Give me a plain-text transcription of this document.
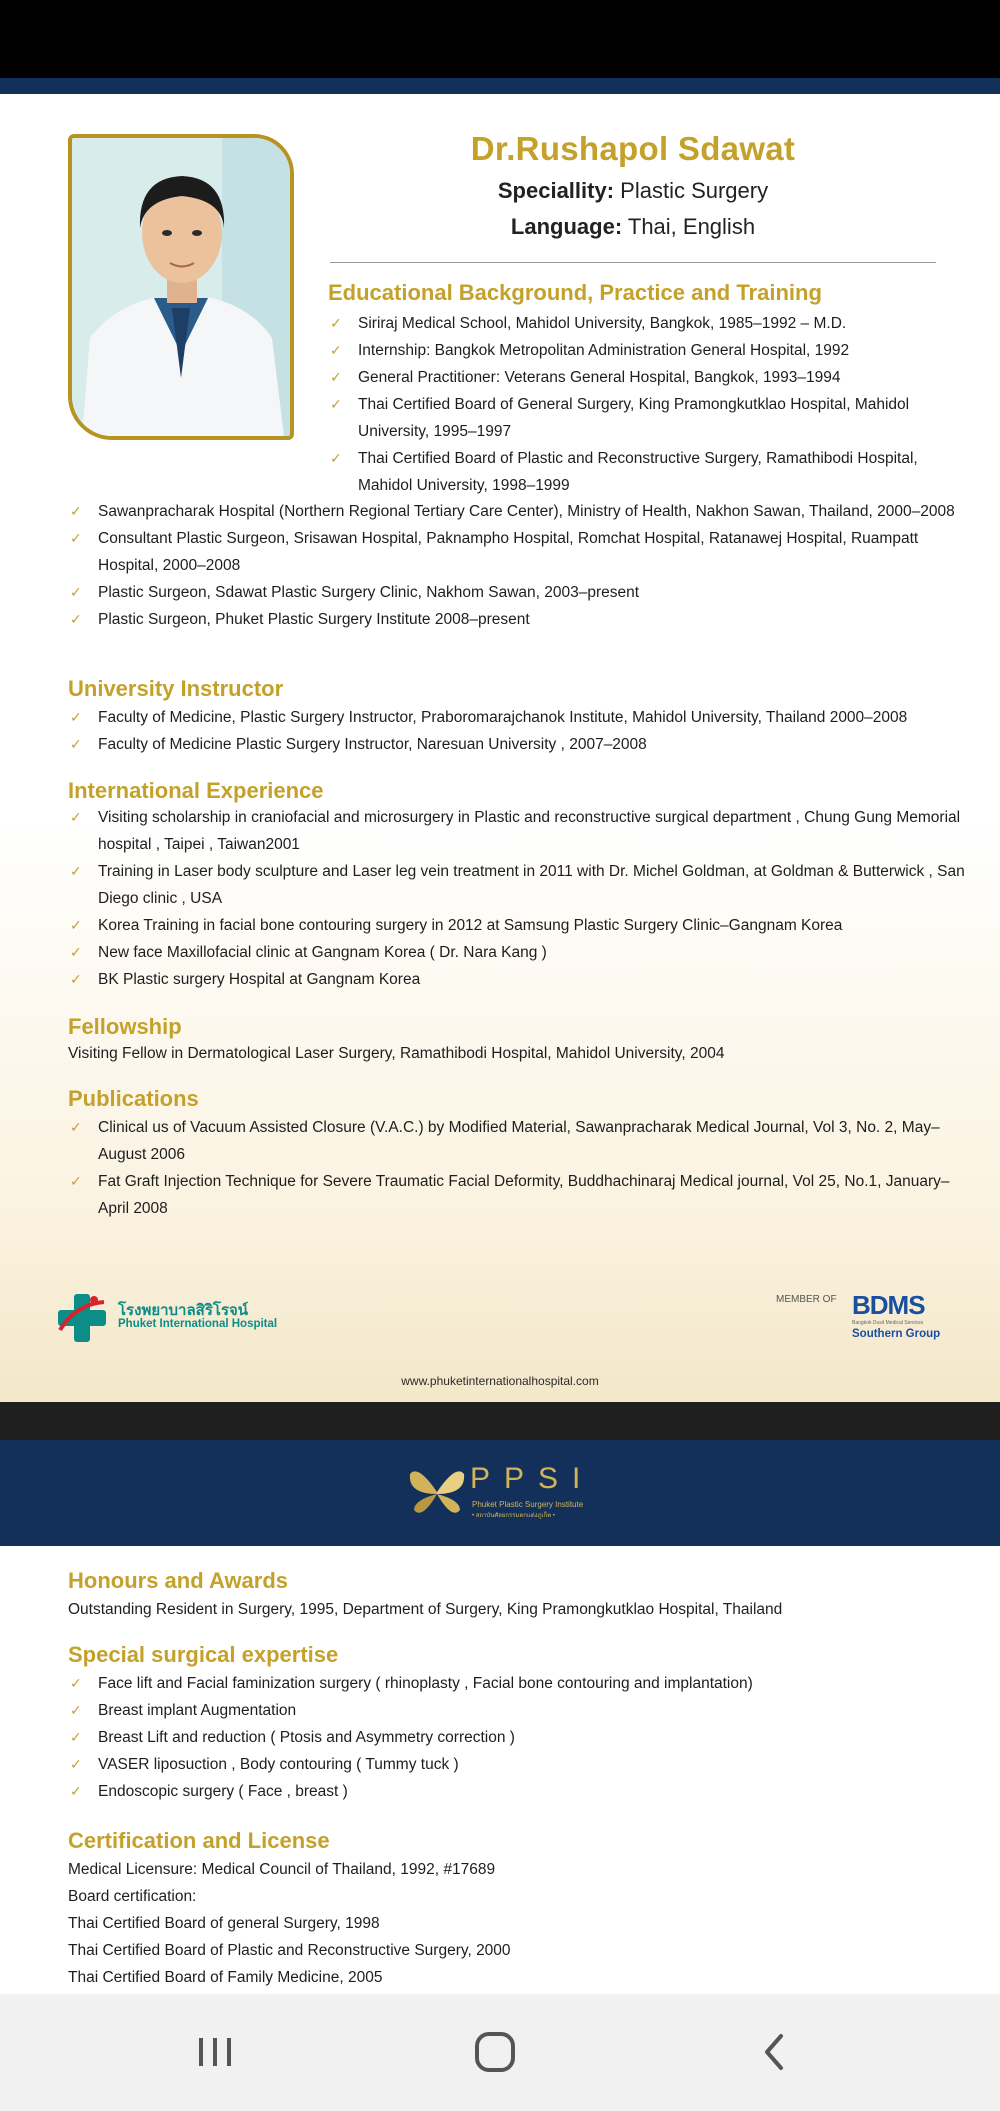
Dr.Rushapol Sdawat
Speciallity: Plastic Surgery
Language: Thai, English
Educational Background, Practice and Training
✓ Siriraj Medical School, Mahidol University, Bangkok, 1985–1992 – M.D.
✓ Internship: Bangkok Metropolitan Administration General Hospital, 1992
✓ General Practitioner: Veterans General Hospital, Bangkok, 1993–1994
✓ Thai Certified Board of General Surgery, King Pramongkutklao Hospital, Mahidol University, 1995–1997
✓ Thai Certified Board of Plastic and Reconstructive Surgery, Ramathibodi Hospital, Mahidol University, 1998–1999
✓ Sawanpracharak Hospital (Northern Regional Tertiary Care Center), Ministry of Health, Nakhon Sawan, Thailand, 2000–2008
✓ Consultant Plastic Surgeon, Srisawan Hospital, Paknampho Hospital, Romchat Hospital, Ratanawej Hospital, Ruampatt Hospital, 2000–2008
✓ Plastic Surgeon, Sdawat Plastic Surgery Clinic, Nakhom Sawan, 2003–present
✓ Plastic Surgeon, Phuket Plastic Surgery Institute 2008–present
University Instructor
✓ Faculty of Medicine, Plastic Surgery Instructor, Praboromarajchanok Institute, Mahidol University, Thailand 2000–2008
✓ Faculty of Medicine Plastic Surgery Instructor, Naresuan University , 2007–2008
International Experience
✓ Visiting scholarship in craniofacial and microsurgery in Plastic and reconstructive surgical department , Chung Gung Memorial hospital , Taipei , Taiwan2001
✓ Training in Laser body sculpture and Laser leg vein treatment in 2011 with Dr. Michel Goldman, at Goldman & Butterwick , San Diego clinic , USA
✓ Korea Training in facial bone contouring surgery in 2012 at Samsung Plastic Surgery Clinic–Gangnam Korea
✓ New face Maxillofacial clinic at Gangnam Korea ( Dr. Nara Kang )
✓ BK Plastic surgery Hospital at Gangnam Korea
Fellowship

Visiting Fellow in Dermatological Laser Surgery, Ramathibodi Hospital, Mahidol University, 2004

Publications
✓ Clinical us of Vacuum Assisted Closure (V.A.C.) by Modified Material, Sawanpracharak Medical Journal, Vol 3, No. 2, May–August 2006
✓ Fat Graft Injection Technique for Severe Traumatic Facial Deformity, Buddhachinaraj Medical journal, Vol 25, No.1, January–April 2008
โรงพยาบาลสิริโรจน์
Phuket International Hospital
MEMBER OF BDMS
Bangkok Dusit Medical Services
Southern Group
www.phuketinternationalhospital.com
PPSI
Phuket Plastic Surgery Institute
• สถาบันศัลยกรรมตกแต่งภูเก็ต •
Honours and Awards

Outstanding Resident in Surgery, 1995, Department of Surgery, King Pramongkutklao Hospital, Thailand

Special surgical expertise
✓ Face lift and Facial faminization surgery ( rhinoplasty , Facial bone contouring and implantation)
✓ Breast implant Augmentation
✓ Breast Lift and reduction ( Ptosis and Asymmetry correction )
✓ VASER liposuction , Body contouring ( Tummy tuck )
✓ Endoscopic surgery ( Face , breast )
Certification and License

Medical Licensure: Medical Council of Thailand, 1992, #17689

Board certification:

Thai Certified Board of general Surgery, 1998

Thai Certified Board of Plastic and Reconstructive Surgery, 2000

Thai Certified Board of Family Medicine, 2005
